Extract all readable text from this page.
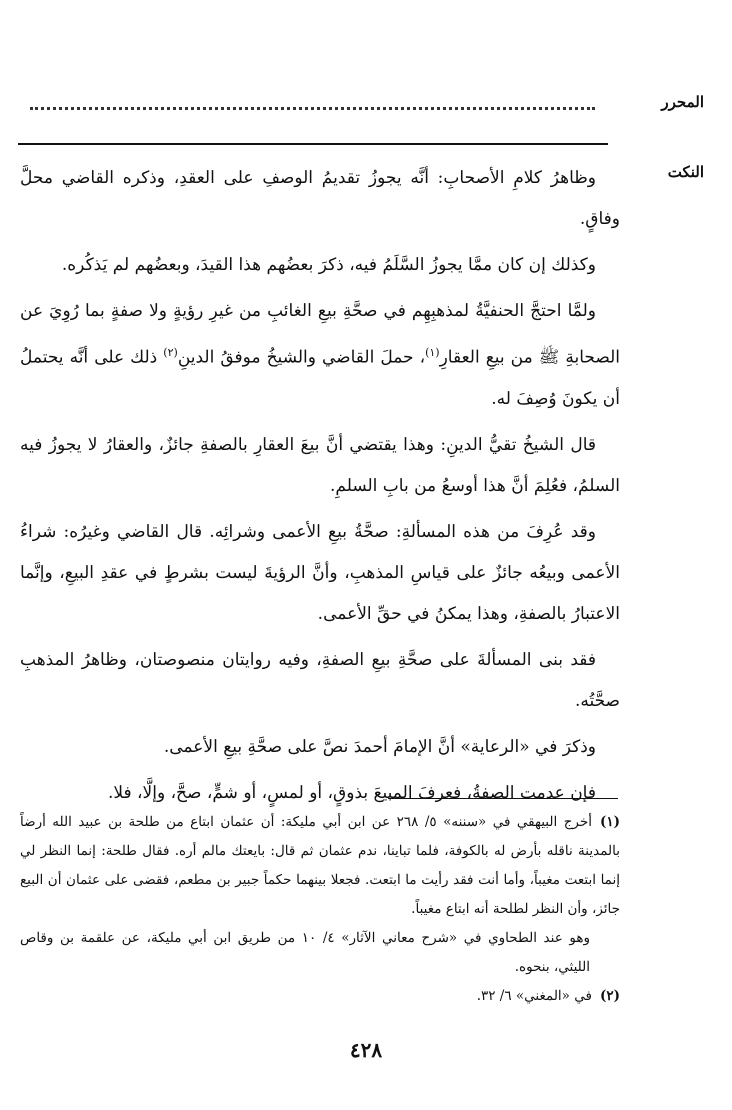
المحرر
النكت

وظاهرُ كلامِ الأصحابِ: أنَّه يجوزُ تقديمُ الوصفِ على العقدِ، وذكره القاضي محلَّ وفاقٍ.

وكذلك إن كان ممَّا يجوزُ السَّلَمُ فيه، ذكرَ بعضُهم هذا القيدَ، وبعضُهم لم يَذكُره.

ولمَّا احتجَّ الحنفيَّةُ لمذهبِهِم في صحَّةِ بيعِ الغائبِ من غيرِ رؤيةٍ ولا صفةٍ بما رُوِيَ عن الصحابةِ ﷺ من بيعِ العقارِ$^{(١)}$، حملَ القاضي والشيخُ موفقُ الدينِ$^{(٢)}$ ذلك على أنَّه يحتملُ أن يكونَ وُصِفَ له.

قال الشيخُ تقيُّ الدينِ: وهذا يقتضي أنَّ بيعَ العقارِ بالصفةِ جائزٌ، والعقارُ لا يجوزُ فيه السلمُ، فعُلِمَ أنَّ هذا أوسعُ من بابِ السلمِ.

وقد عُرِفَ من هذه المسألةِ: صحَّةُ بيعِ الأعمى وشرائِه. قال القاضي وغيرُه: شراءُ الأعمى وبيعُه جائزٌ على قياسِ المذهبِ، وأنَّ الرؤيةَ ليست بشرطٍ في عقدِ البيعِ، وإنَّما الاعتبارُ بالصفةِ، وهذا يمكنُ في حقِّ الأعمى.

فقد بنى المسألةَ على صحَّةِ بيعِ الصفةِ، وفيه روايتان منصوصتان، وظاهرُ المذهبِ صحَّتُه.

وذكرَ في «الرعاية» أنَّ الإمامَ أحمدَ نصَّ على صحَّةِ بيعِ الأعمى.

فإن عدمت الصفةُ، فعرفَ المبيعَ بذوقٍ، أو لمسٍ، أو شمٍّ، صحَّ، وإلَّا، فلا.

(١)أخرج البيهقي في «سننه» ٥/ ٢٦٨ عن ابن أبي مليكة: أن عثمان ابتاع من طلحة بن عبيد الله أرضاً بالمدينة ناقله بأرض له بالكوفة، فلما تباينا، ندم عثمان ثم قال: بايعتك مالم أره. فقال طلحة: إنما النظر لي إنما ابتعت مغيباً، وأما أنت فقد رأيت ما ابتعت. فجعلا بينهما حكماً جبير بن مطعم، فقضى على عثمان أن البيع جائز، وأن النظر لطلحة أنه ابتاع مغيباً.

وهو عند الطحاوي في «شرح معاني الآثار» ٤/ ١٠ من طريق ابن أبي مليكة، عن علقمة بن وقاص الليثي، بنحوه.

(٢)في «المغني» ٦/ ٣٢.

٤٢٨
